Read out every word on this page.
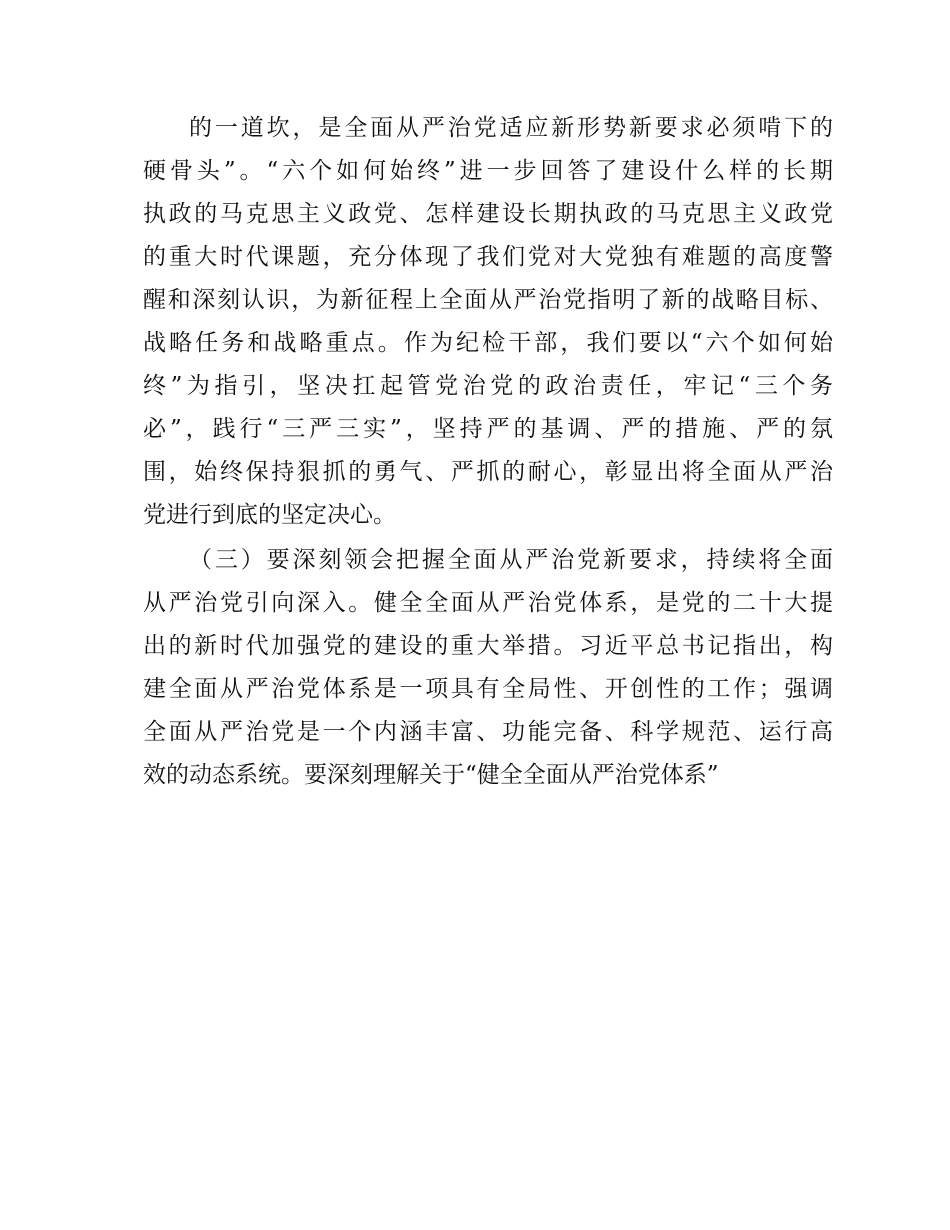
的一道坎，是全面从严治党适应新形势新要求必须啃下的
硬骨头”。“六个如何始终”进一步回答了建设什么样的长期
执政的马克思主义政党、怎样建设长期执政的马克思主义政党
的重大时代课题，充分体现了我们党对大党独有难题的高度警
醒和深刻认识，为新征程上全面从严治党指明了新的战略目标、
战略任务和战略重点。作为纪检干部，我们要以“六个如何始
终”为指引，坚决扛起管党治党的政治责任，牢记“三个务
必”，践行“三严三实”，坚持严的基调、严的措施、严的氛
围，始终保持狠抓的勇气、严抓的耐心，彰显出将全面从严治
党进行到底的坚定决心。
（三）要深刻领会把握全面从严治党新要求，持续将全面
从严治党引向深入。健全全面从严治党体系，是党的二十大提
出的新时代加强党的建设的重大举措。习近平总书记指出，构
建全面从严治党体系是一项具有全局性、开创性的工作；强调
全面从严治党是一个内涵丰富、功能完备、科学规范、运行高
效的动态系统。要深刻理解关于“健全全面从严治党体系”
